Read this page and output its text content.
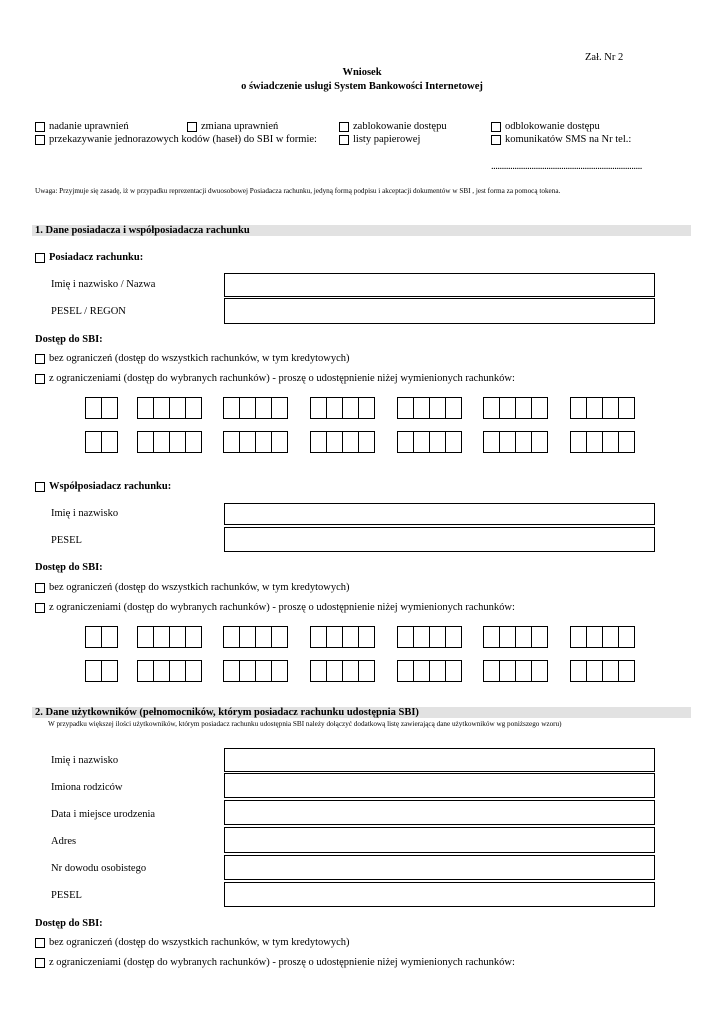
Zał. Nr 2
Wniosek
o świadczenie usługi System Bankowości Internetowej
nadanie uprawnień	zmiana uprawnień	zablokowanie dostępu	odblokowanie dostępu
przekazywanie jednorazowych kodów (haseł) do SBI w formie:	listy papierowej	komunikatów SMS na Nr tel.:
.......................................................................
Uwaga: Przyjmuje się zasadę, iż w przypadku reprezentacji dwuosobowej Posiadacza rachunku, jedyną formą podpisu i akceptacji dokumentów w SBI , jest forma za pomocą tokena.
1. Dane posiadacza i współposiadacza rachunku
Posiadacz rachunku:
Imię i nazwisko / Nazwa
PESEL / REGON
Dostęp do SBI:
bez ograniczeń (dostęp do wszystkich rachunków, w tym kredytowych)
z ograniczeniami (dostęp do wybranych rachunków) - proszę o udostępnienie niżej wymienionych rachunków:
Współposiadacz rachunku:
Imię i nazwisko
PESEL
Dostęp do SBI:
bez ograniczeń (dostęp do wszystkich rachunków, w tym kredytowych)
z ograniczeniami (dostęp do wybranych rachunków) - proszę o udostępnienie niżej wymienionych rachunków:
2. Dane użytkowników (pełnomocników, którym posiadacz rachunku udostępnia SBI)
W przypadku większej ilości użytkowników, którym posiadacz rachunku udostępnia SBI należy dołączyć dodatkową listę zawierającą dane użytkowników wg poniższego wzoru)
Imię i nazwisko
Imiona rodziców
Data i miejsce urodzenia
Adres
Nr dowodu osobistego
PESEL
Dostęp do SBI:
bez ograniczeń (dostęp do wszystkich rachunków, w tym kredytowych)
z ograniczeniami (dostęp do wybranych rachunków) - proszę o udostępnienie niżej wymienionych rachunków:
